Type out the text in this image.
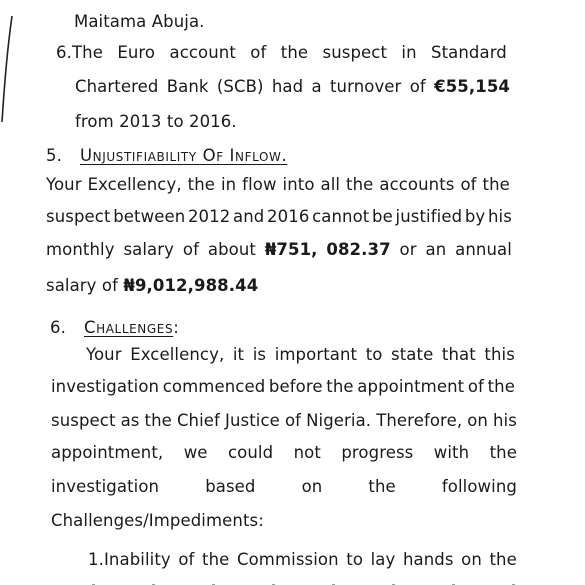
Maitama Abuja.
6. The Euro account of the suspect in Standard
Chartered Bank (SCB) had a turnover of €55,154
from 2013 to 2016.
5. Unjustifiability Of Inflow.
Your Excellency, the in flow into all the accounts of the
suspect between 2012 and 2016 cannot be justified by his
monthly salary of about ₦751, 082.37 or an annual
salary of ₦9,012,988.44
6. Challenges:
Your Excellency, it is important to state that this
investigation commenced before the appointment of the
suspect as the Chief Justice of Nigeria. Therefore, on his
appointment, we could not progress with the
investigation	based	on	the	following
Challenges/Impediments:
1. Inability of the Commission to lay hands on the
